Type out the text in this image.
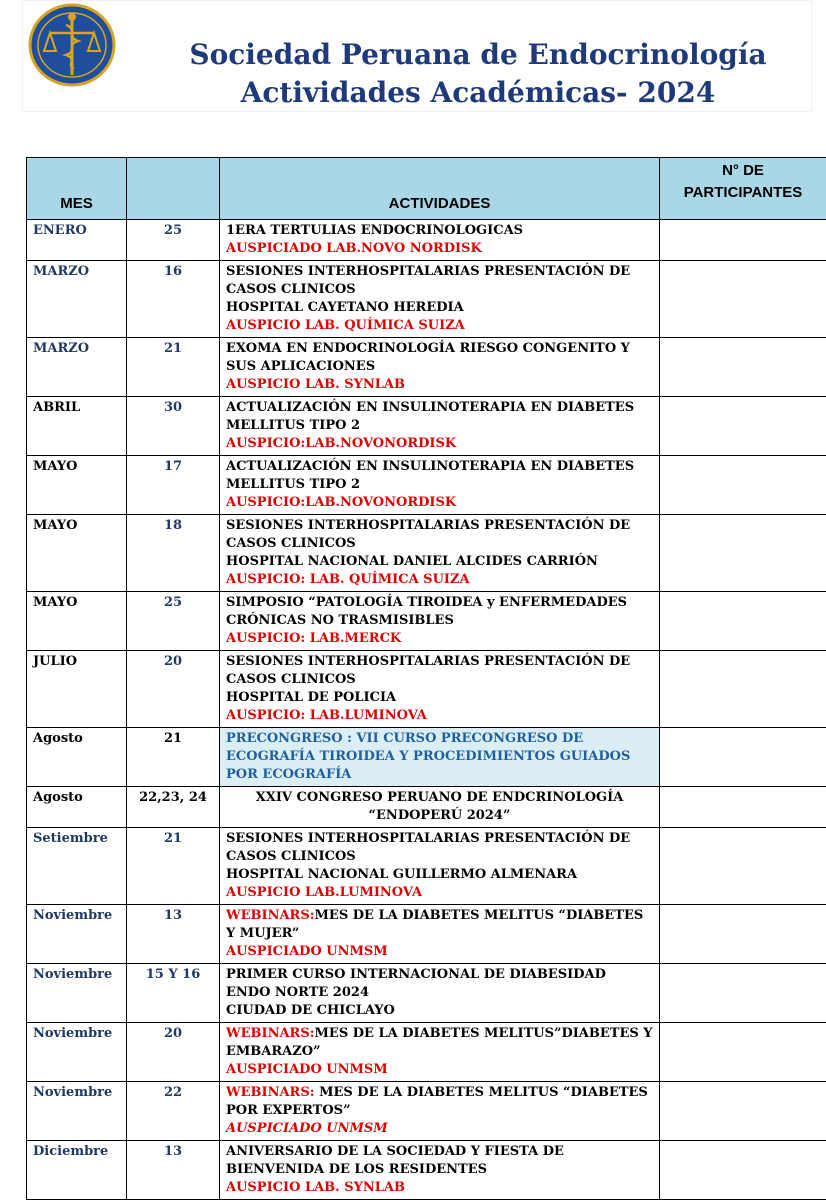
Sociedad Peruana de Endocrinología
Actividades Académicas- 2024
MES		ACTIVIDADES	N° DE PARTICIPANTES
ENERO	25	1ERA TERTULIAS ENDOCRINOLOGICAS
AUSPICIADO LAB.NOVO NORDISK	

MARZO	16	SESIONES INTERHOSPITALARIAS PRESENTACIÓN DE CASOS CLINICOS
HOSPITAL CAYETANO HEREDIA
AUSPICIO LAB. QUÍMICA SUIZA	

MARZO	21	EXOMA EN ENDOCRINOLOGÍA RIESGO CONGENITO Y SUS APLICACIONES
AUSPICIO LAB. SYNLAB	

ABRIL	30	ACTUALIZACIÓN EN INSULINOTERAPIA EN DIABETES MELLITUS TIPO 2
AUSPICIO:LAB.NOVONORDISK	

MAYO	17	ACTUALIZACIÓN EN INSULINOTERAPIA EN DIABETES MELLITUS TIPO 2
AUSPICIO:LAB.NOVONORDISK	

MAYO	18	SESIONES INTERHOSPITALARIAS PRESENTACIÓN DE CASOS CLINICOS
HOSPITAL NACIONAL DANIEL ALCIDES CARRIÓN
AUSPICIO: LAB. QUÍMICA SUIZA	

MAYO	25	SIMPOSIO “PATOLOGÍA TIROIDEA y ENFERMEDADES CRÓNICAS NO TRASMISIBLES
AUSPICIO: LAB.MERCK	

JULIO	20	SESIONES INTERHOSPITALARIAS PRESENTACIÓN DE CASOS CLINICOS
HOSPITAL DE POLICIA
AUSPICIO: LAB.LUMINOVA	

Agosto	21	PRECONGRESO : VII CURSO PRECONGRESO DE ECOGRAFÍA TIROIDEA Y PROCEDIMIENTOS GUIADOS POR ECOGRAFÍA	

Agosto	22,23, 24	XXIV CONGRESO PERUANO DE ENDCRINOLOGÍA
“ENDOPERÚ 2024”	

Setiembre	21	SESIONES INTERHOSPITALARIAS PRESENTACIÓN DE CASOS CLINICOS
HOSPITAL NACIONAL GUILLERMO ALMENARA
AUSPICIO LAB.LUMINOVA	

Noviembre	13	WEBINARS:MES DE LA DIABETES MELITUS “DIABETES Y MUJER”
AUSPICIADO UNMSM	

Noviembre	15 Y 16	PRIMER CURSO INTERNACIONAL DE DIABESIDAD ENDO NORTE 2024
CIUDAD DE CHICLAYO	

Noviembre	20	WEBINARS:MES DE LA DIABETES MELITUS”DIABETES Y EMBARAZO”
AUSPICIADO UNMSM	

Noviembre	22	WEBINARS: MES DE LA DIABETES MELITUS “DIABETES POR EXPERTOS”
AUSPICIADO UNMSM	

Diciembre	13	ANIVERSARIO DE LA SOCIEDAD Y FIESTA DE BIENVENIDA DE LOS RESIDENTES
AUSPICIO LAB. SYNLAB	
